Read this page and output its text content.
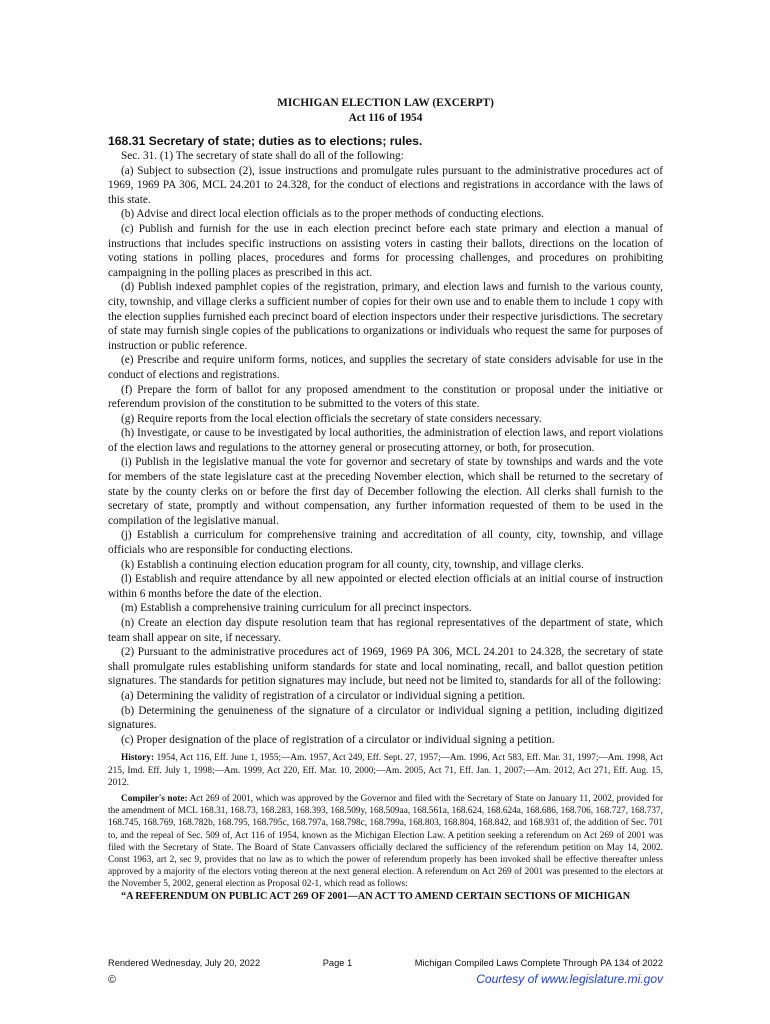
MICHIGAN ELECTION LAW (EXCERPT)
Act 116 of 1954
168.31 Secretary of state; duties as to elections; rules.

Sec. 31. (1) The secretary of state shall do all of the following:

(a) Subject to subsection (2), issue instructions and promulgate rules pursuant to the administrative procedures act of 1969, 1969 PA 306, MCL 24.201 to 24.328, for the conduct of elections and registrations in accordance with the laws of this state.

(b) Advise and direct local election officials as to the proper methods of conducting elections.

(c) Publish and furnish for the use in each election precinct before each state primary and election a manual of instructions that includes specific instructions on assisting voters in casting their ballots, directions on the location of voting stations in polling places, procedures and forms for processing challenges, and procedures on prohibiting campaigning in the polling places as prescribed in this act.

(d) Publish indexed pamphlet copies of the registration, primary, and election laws and furnish to the various county, city, township, and village clerks a sufficient number of copies for their own use and to enable them to include 1 copy with the election supplies furnished each precinct board of election inspectors under their respective jurisdictions. The secretary of state may furnish single copies of the publications to organizations or individuals who request the same for purposes of instruction or public reference.

(e) Prescribe and require uniform forms, notices, and supplies the secretary of state considers advisable for use in the conduct of elections and registrations.

(f) Prepare the form of ballot for any proposed amendment to the constitution or proposal under the initiative or referendum provision of the constitution to be submitted to the voters of this state.

(g) Require reports from the local election officials the secretary of state considers necessary.

(h) Investigate, or cause to be investigated by local authorities, the administration of election laws, and report violations of the election laws and regulations to the attorney general or prosecuting attorney, or both, for prosecution.

(i) Publish in the legislative manual the vote for governor and secretary of state by townships and wards and the vote for members of the state legislature cast at the preceding November election, which shall be returned to the secretary of state by the county clerks on or before the first day of December following the election. All clerks shall furnish to the secretary of state, promptly and without compensation, any further information requested of them to be used in the compilation of the legislative manual.

(j) Establish a curriculum for comprehensive training and accreditation of all county, city, township, and village officials who are responsible for conducting elections.

(k) Establish a continuing election education program for all county, city, township, and village clerks.

(l) Establish and require attendance by all new appointed or elected election officials at an initial course of instruction within 6 months before the date of the election.

(m) Establish a comprehensive training curriculum for all precinct inspectors.

(n) Create an election day dispute resolution team that has regional representatives of the department of state, which team shall appear on site, if necessary.

(2) Pursuant to the administrative procedures act of 1969, 1969 PA 306, MCL 24.201 to 24.328, the secretary of state shall promulgate rules establishing uniform standards for state and local nominating, recall, and ballot question petition signatures. The standards for petition signatures may include, but need not be limited to, standards for all of the following:

(a) Determining the validity of registration of a circulator or individual signing a petition.

(b) Determining the genuineness of the signature of a circulator or individual signing a petition, including digitized signatures.

(c) Proper designation of the place of registration of a circulator or individual signing a petition.

History: 1954, Act 116, Eff. June 1, 1955;—Am. 1957, Act 249, Eff. Sept. 27, 1957;—Am. 1996, Act 583, Eff. Mar. 31, 1997;—Am. 1998, Act 215, Imd. Eff. July 1, 1998;—Am. 1999, Act 220, Eff. Mar. 10, 2000;—Am. 2005, Act 71, Eff. Jan. 1, 2007;—Am. 2012, Act 271, Eff. Aug. 15, 2012.

Compiler's note: Act 269 of 2001, which was approved by the Governor and filed with the Secretary of State on January 11, 2002, provided for the amendment of MCL 168.31, 168.73, 168.283, 168.393, 168.509y, 168.509aa, 168.561a, 168.624, 168.624a, 168.686, 168.706, 168.727, 168.737, 168.745, 168.769, 168.782b, 168.795, 168.795c, 168.797a, 168.798c, 168.799a, 168.803, 168.804, 168.842, and 168.931 of, the addition of Sec. 701 to, and the repeal of Sec. 509 of, Act 116 of 1954, known as the Michigan Election Law. A petition seeking a referendum on Act 269 of 2001 was filed with the Secretary of State. The Board of State Canvassers officially declared the sufficiency of the referendum petition on May 14, 2002. Const 1963, art 2, sec 9, provides that no law as to which the power of referendum properly has been invoked shall be effective thereafter unless approved by a majority of the electors voting thereon at the next general election. A referendum on Act 269 of 2001 was presented to the electors at the November 5, 2002, general election as Proposal 02-1, which read as follows:

“A REFERENDUM ON PUBLIC ACT 269 OF 2001—AN ACT TO AMEND CERTAIN SECTIONS OF MICHIGAN

Rendered Wednesday, July 20, 2022	Page 1	Michigan Compiled Laws Complete Through PA 134 of 2022
©	Courtesy of www.legislature.mi.gov
